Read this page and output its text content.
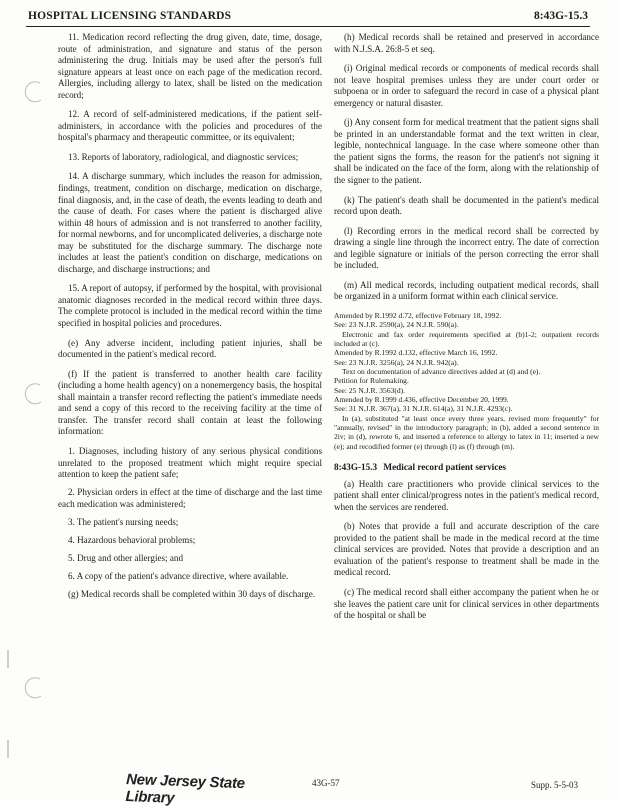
HOSPITAL LICENSING STANDARDS	8:43G-15.3

11. Medication record reflecting the drug given, date, time, dosage, route of administration, and signature and status of the person administering the drug. Initials may be used after the person's full signature appears at least once on each page of the medication record. Allergies, including allergy to latex, shall be listed on the medication record;

12. A record of self-administered medications, if the patient self-administers, in accordance with the policies and procedures of the hospital's pharmacy and therapeutic committee, or its equivalent;

13. Reports of laboratory, radiological, and diagnostic services;

14. A discharge summary, which includes the reason for admission, findings, treatment, condition on discharge, medication on discharge, final diagnosis, and, in the case of death, the events leading to death and the cause of death. For cases where the patient is discharged alive within 48 hours of admission and is not transferred to another facility, for normal newborns, and for uncomplicated deliveries, a discharge note may be substituted for the discharge summary. The discharge note includes at least the patient's condition on discharge, medications on discharge, and discharge instructions; and

15. A report of autopsy, if performed by the hospital, with provisional anatomic diagnoses recorded in the medical record within three days. The complete protocol is included in the medical record within the time specified in hospital policies and procedures.

(e) Any adverse incident, including patient injuries, shall be documented in the patient's medical record.

(f) If the patient is transferred to another health care facility (including a home health agency) on a nonemergency basis, the hospital shall maintain a transfer record reflecting the patient's immediate needs and send a copy of this record to the receiving facility at the time of transfer. The transfer record shall contain at least the following information:

1. Diagnoses, including history of any serious physical conditions unrelated to the proposed treatment which might require special attention to keep the patient safe;

2. Physician orders in effect at the time of discharge and the last time each medication was administered;

3. The patient's nursing needs;

4. Hazardous behavioral problems;

5. Drug and other allergies; and

6. A copy of the patient's advance directive, where available.

(g) Medical records shall be completed within 30 days of discharge.

(h) Medical records shall be retained and preserved in accordance with N.J.S.A. 26:8-5 et seq.

(i) Original medical records or components of medical records shall not leave hospital premises unless they are under court order or subpoena or in order to safeguard the record in case of a physical plant emergency or natural disaster.

(j) Any consent form for medical treatment that the patient signs shall be printed in an understandable format and the text written in clear, legible, nontechnical language. In the case where someone other than the patient signs the forms, the reason for the patient's not signing it shall be indicated on the face of the form, along with the relationship of the signer to the patient.

(k) The patient's death shall be documented in the patient's medical record upon death.

(l) Recording errors in the medical record shall be corrected by drawing a single line through the incorrect entry. The date of correction and legible signature or initials of the person correcting the error shall be included.

(m) All medical records, including outpatient medical records, shall be organized in a uniform format within each clinical service.

Amended by R.1992 d.72, effective February 18, 1992.
See: 23 N.J.R. 2590(a), 24 N.J.R. 590(a).
Electronic and fax order requirements specified at (b)1-2; outpatient records included at (c).
Amended by R.1992 d.132, effective March 16, 1992.
See: 23 N.J.R. 3256(a), 24 N.J.R. 942(a).
Text on documentation of advance directives added at (d) and (e).
Petition for Rulemaking.
See: 25 N.J.R. 3563(d).
Amended by R.1999 d.436, effective December 20, 1999.
See: 31 N.J.R. 367(a), 31 N.J.R. 614(a), 31 N.J.R. 4293(c).
In (a), substituted "at least once every three years, revised more frequently" for "annually, revised" in the introductory paragraph; in (b), added a second sentence in 2iv; in (d), rewrote 6, and inserted a reference to allergy to latex in 11; inserted a new (e); and recodified former (e) through (l) as (f) through (m).
8:43G-15.3 Medical record patient services

(a) Health care practitioners who provide clinical services to the patient shall enter clinical/progress notes in the patient's medical record, when the services are rendered.

(b) Notes that provide a full and accurate description of the care provided to the patient shall be made in the medical record at the time clinical services are provided. Notes that provide a description and an evaluation of the patient's response to treatment shall be made in the medical record.

(c) The medical record shall either accompany the patient when he or she leaves the patient care unit for clinical services in other departments of the hospital or shall be

New Jersey State Library
43G-57	Supp. 5-5-03
